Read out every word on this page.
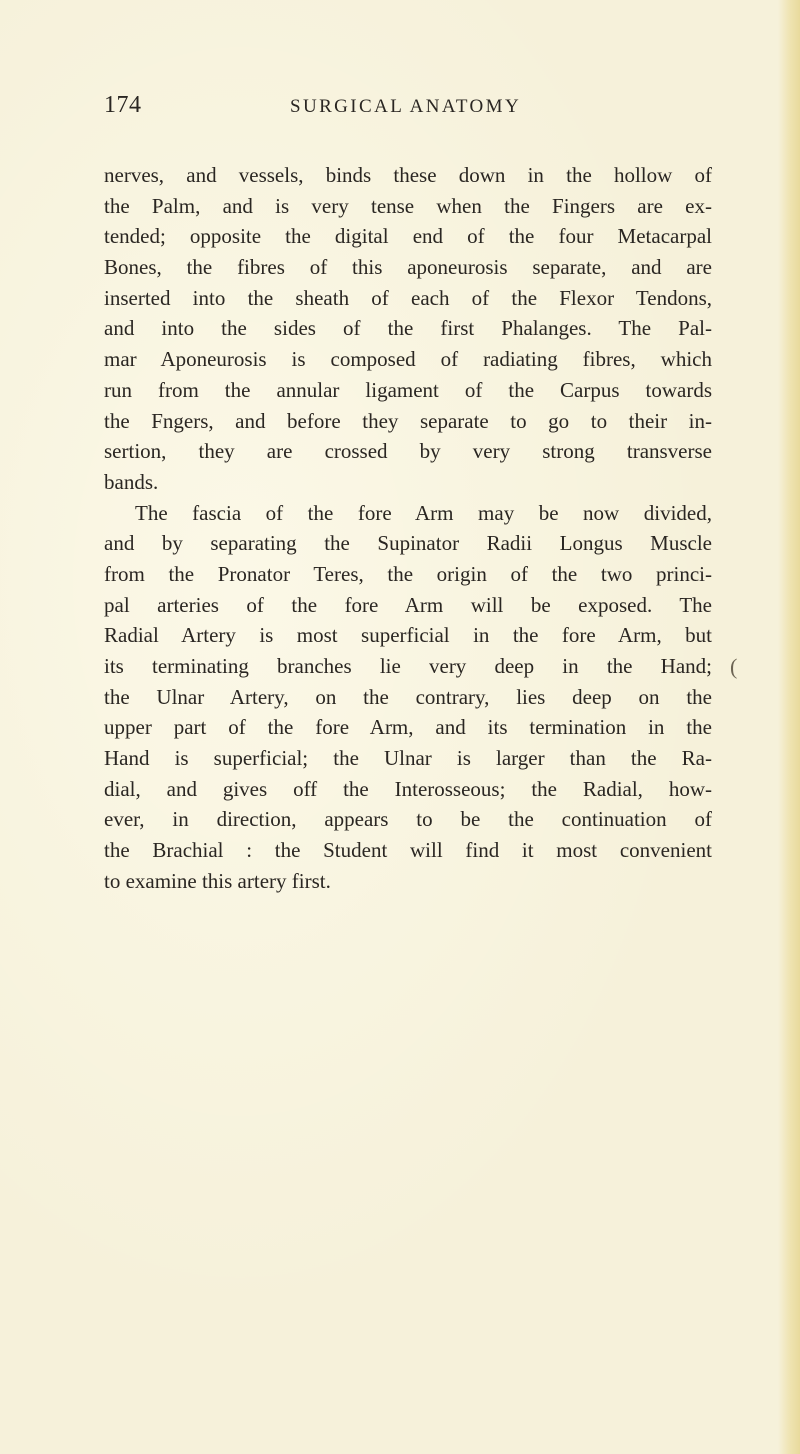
174	SURGICAL ANATOMY
nerves, and vessels, binds these down in the hollow of
the Palm, and is very tense when the Fingers are ex-
tended; opposite the digital end of the four Metacarpal
Bones, the fibres of this aponeurosis separate, and are
inserted into the sheath of each of the Flexor Tendons,
and into the sides of the first Phalanges. The Pal-
mar Aponeurosis is composed of radiating fibres, which
run from the annular ligament of the Carpus towards
the Fngers, and before they separate to go to their in-
sertion, they are crossed by very strong transverse
bands.
The fascia of the fore Arm may be now divided,
and by separating the Supinator Radii Longus Muscle
from the Pronator Teres, the origin of the two princi-
pal arteries of the fore Arm will be exposed. The
Radial Artery is most superficial in the fore Arm, but
its terminating branches lie very deep in the Hand;
the Ulnar Artery, on the contrary, lies deep on the
upper part of the fore Arm, and its termination in the
Hand is superficial; the Ulnar is larger than the Ra-
dial, and gives off the Interosseous; the Radial, how-
ever, in direction, appears to be the continuation of
the Brachial : the Student will find it most convenient
to examine this artery first.
(
